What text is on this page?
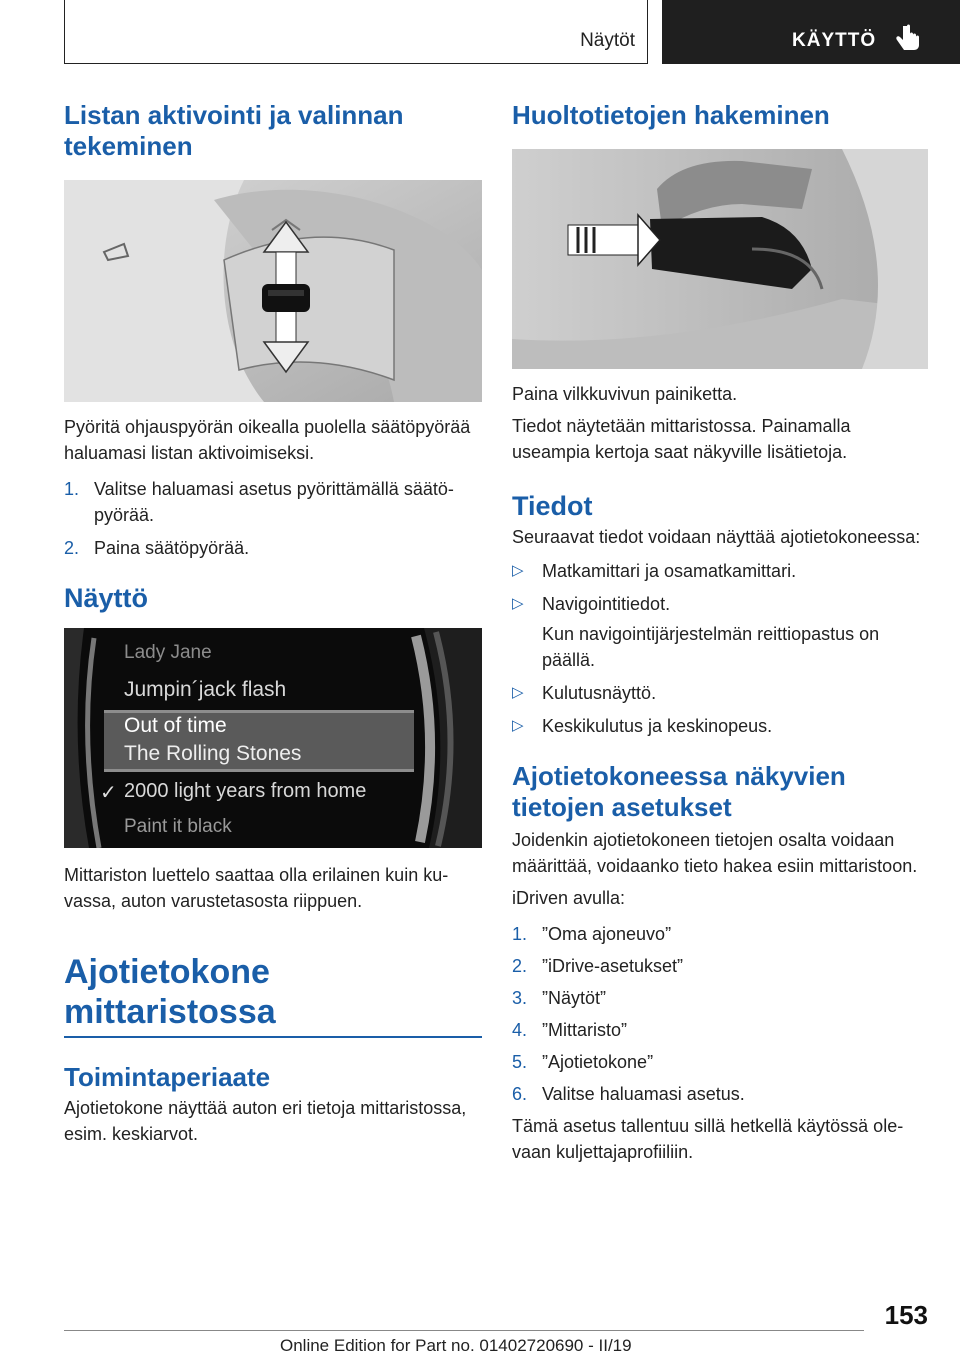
Näytöt	KÄYTTÖ
Listan aktivointi ja valinnan tekeminen

Pyöritä ohjauspyörän oikealla puolella säätöpyörää haluamasi listan aktivoimiseksi.

1. Valitse haluamasi asetus pyörittämällä säätöpyörää.
2. Paina säätöpyörää.
Näyttö
Lady Jane
Jumpin´jack flash
Out of time
The Rolling Stones
✓ 2000 light years from home
Paint it black

Mittariston luettelo saattaa olla erilainen kuin kuvassa, auton varustetasosta riippuen.

Ajotietokone mittaristossa
Toimintaperiaate

Ajotietokone näyttää auton eri tietoja mittaristossa, esim. keskiarvot.

Huoltotietojen hakeminen

Paina vilkkuvivun painiketta.

Tiedot näytetään mittaristossa. Painamalla useampia kertoja saat näkyville lisätietoja.

Tiedot

Seuraavat tiedot voidaan näyttää ajotietokoneessa:

▷ Matkamittari ja osamatkamittari.
▷ Navigointitiedot.

Kun navigointijärjestelmän reittiopastus on päällä.

▷ Kulutusnäyttö.
▷ Keskikulutus ja keskinopeus.
Ajotietokoneessa näkyvien tietojen asetukset

Joidenkin ajotietokoneen tietojen osalta voidaan määrittää, voidaanko tieto hakea esiin mittaristoon.

iDriven avulla:

1. ”Oma ajoneuvo”
2. ”iDrive-asetukset”
3. ”Näytöt”
4. ”Mittaristo”
5. ”Ajotietokone”
6. Valitse haluamasi asetus.

Tämä asetus tallentuu sillä hetkellä käytössä olevaan kuljettajaprofiiliin.

153
Online Edition for Part no. 01402720690 - II/19
